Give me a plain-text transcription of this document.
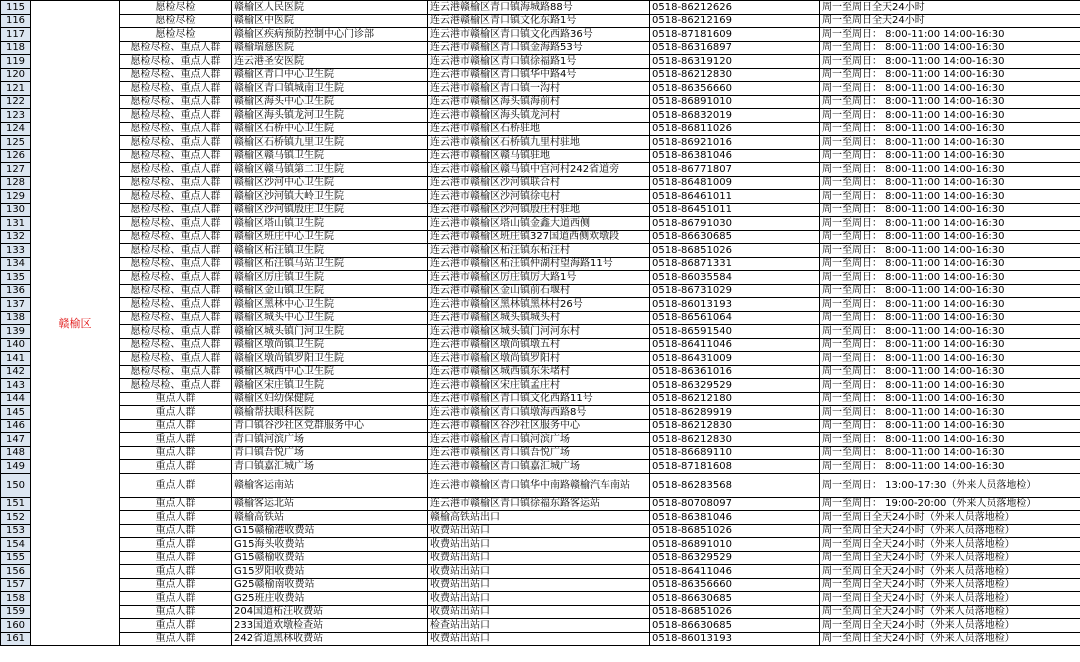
115	赣榆区	愿检尽检	赣榆区人民医院	连云港赣榆区青口镇海城路88号	0518-86212626	周一至周日全天24小时
116		愿检尽检	赣榆区中医院	连云港赣榆区青口镇文化东路1号	0518-86212169	周一至周日全天24小时
117		愿检尽检	赣榆区疾病预防控制中心门诊部	连云港市赣榆区青口镇文化西路36号	0518-87181609	周一至周日： 8:00-11:00 14:00-16:30
118		愿检尽检、重点人群	赣榆瑞慈医院	连云港市赣榆区青口镇金海路53号	0518-86316897	周一至周日： 8:00-11:00 14:00-16:30
119		愿检尽检、重点人群	连云港圣安医院	连云港市赣榆区青口镇徐福路1号	0518-86319120	周一至周日： 8:00-11:00 14:00-16:30
120		愿检尽检、重点人群	赣榆区青口中心卫生院	连云港市赣榆区青口镇华中路4号	0518-86212830	周一至周日： 8:00-11:00 14:00-16:30
121		愿检尽检、重点人群	赣榆区青口镇城南卫生院	连云港市赣榆区青口镇一沟村	0518-86356660	周一至周日： 8:00-11:00 14:00-16:30
122		愿检尽检、重点人群	赣榆区海头中心卫生院	连云港市赣榆区海头镇海前村	0518-86891010	周一至周日： 8:00-11:00 14:00-16:30
123		愿检尽检、重点人群	赣榆区海头镇龙河卫生院	连云港市赣榆区海头镇龙河村	0518-86832019	周一至周日： 8:00-11:00 14:00-16:30
124		愿检尽检、重点人群	赣榆区石桥中心卫生院	连云港市赣榆区石桥驻地	0518-86811026	周一至周日： 8:00-11:00 14:00-16:30
125		愿检尽检、重点人群	赣榆区石桥镇九里卫生院	连云港市赣榆区石桥镇九里村驻地	0518-86921016	周一至周日： 8:00-11:00 14:00-16:30
126		愿检尽检、重点人群	赣榆区赣马镇卫生院	连云港市赣榆区赣马镇驻地	0518-86381046	周一至周日： 8:00-11:00 14:00-16:30
127		愿检尽检、重点人群	赣榆区赣马镇第二卫生院	连云港市赣榆区赣马镇中宫河村242省道旁	0518-86771807	周一至周日： 8:00-11:00 14:00-16:30
128		愿检尽检、重点人群	赣榆区沙河中心卫生院	连云港市赣榆区沙河镇联合村	0518-86481009	周一至周日： 8:00-11:00 14:00-16:30
129		愿检尽检、重点人群	赣榆区沙河镇大岭卫生院	连云港市赣榆区沙河镇徐屯村	0518-86461011	周一至周日： 8:00-11:00 14:00-16:30
130		愿检尽检、重点人群	赣榆区沙河镇殷庄卫生院	连云港市赣榆区沙河镇殷庄村驻地	0518-86451011	周一至周日： 8:00-11:00 14:00-16:30
131		愿检尽检、重点人群	赣榆区塔山镇卫生院	连云港市赣榆区塔山镇金鑫大道西侧	0518-86791030	周一至周日： 8:00-11:00 14:00-16:30
132		愿检尽检、重点人群	赣榆区班庄中心卫生院	连云港市赣榆区班庄镇327国道西侧欢墩段	0518-86630685	周一至周日： 8:00-11:00 14:00-16:30
133		愿检尽检、重点人群	赣榆区柘汪镇卫生院	连云港市赣榆区柘汪镇东柘汪村	0518-86851026	周一至周日： 8:00-11:00 14:00-16:30
134		愿检尽检、重点人群	赣榆区柘汪镇马站卫生院	连云港市赣榆区柘汪镇仲湖村望海路11号	0518-86871331	周一至周日： 8:00-11:00 14:00-16:30
135		愿检尽检、重点人群	赣榆区厉庄镇卫生院	连云港市赣榆区厉庄镇厉大路1号	0518-86035584	周一至周日： 8:00-11:00 14:00-16:30
136		愿检尽检、重点人群	赣榆区金山镇卫生院	连云港市赣榆区金山镇前石堰村	0518-86731029	周一至周日： 8:00-11:00 14:00-16:30
137		愿检尽检、重点人群	赣榆区黑林中心卫生院	连云港市赣榆区黑林镇黑林村26号	0518-86013193	周一至周日： 8:00-11:00 14:00-16:30
138		愿检尽检、重点人群	赣榆区城头中心卫生院	连云港市赣榆区城头镇城头村	0518-86561064	周一至周日： 8:00-11:00 14:00-16:30
139		愿检尽检、重点人群	赣榆区城头镇门河卫生院	连云港市赣榆区城头镇门河河东村	0518-86591540	周一至周日： 8:00-11:00 14:00-16:30
140		愿检尽检、重点人群	赣榆区墩尚镇卫生院	连云港市赣榆区墩尚镇墩五村	0518-86411046	周一至周日： 8:00-11:00 14:00-16:30
141		愿检尽检、重点人群	赣榆区墩尚镇罗阳卫生院	连云港市赣榆区墩尚镇罗阳村	0518-86431009	周一至周日： 8:00-11:00 14:00-16:30
142		愿检尽检、重点人群	赣榆区城西中心卫生院	连云港市赣榆区城西镇东朱堵村	0518-86361016	周一至周日： 8:00-11:00 14:00-16:30
143		愿检尽检、重点人群	赣榆区宋庄镇卫生院	连云港市赣榆区宋庄镇孟庄村	0518-86329529	周一至周日： 8:00-11:00 14:00-16:30
144		重点人群	赣榆区妇幼保健院	连云港市赣榆区青口镇文化西路11号	0518-86212180	周一至周日： 8:00-11:00 14:00-16:30
145		重点人群	赣榆帮扶眼科医院	连云港市赣榆区青口镇墩海西路8号	0518-86289919	周一至周日： 8:00-11:00 14:00-16:30
146		重点人群	青口镇谷沙社区党群服务中心	连云港市赣榆区谷沙社区服务中心	0518-86212830	周一至周日： 8:00-11:00 14:00-16:30
147		重点人群	青口镇河滨广场	连云港市赣榆区青口镇河滨广场	0518-86212830	周一至周日： 8:00-11:00 14:00-16:30
148		重点人群	青口镇吾悦广场	连云港市赣榆区青口镇吾悦广场	0518-86689110	周一至周日： 8:00-11:00 14:00-16:30
149		重点人群	青口镇嘉汇城广场	连云港市赣榆区青口镇嘉汇城广场	0518-87181608	周一至周日： 8:00-11:00 14:00-16:30
150		重点人群	赣榆客运南站	连云港市赣榆区青口镇华中南路赣榆汽车南站	0518-86283568	周一至周日： 13:00-17:30（外来人员落地检）
151		重点人群	赣榆客运北站	连云港市赣榆区青口镇徐福东路客运站	0518-80708097	周一至周日： 19:00-20:00（外来人员落地检）
152		重点人群	赣榆高铁站	赣榆高铁站出口	0518-86381046	周一至周日全天24小时（外来人员落地检）
153		重点人群	G15赣榆港收费站	收费站出站口	0518-86851026	周一至周日全天24小时（外来人员落地检）
154		重点人群	G15海头收费站	收费站出站口	0518-86891010	周一至周日全天24小时（外来人员落地检）
155		重点人群	G15赣榆收费站	收费站出站口	0518-86329529	周一至周日全天24小时（外来人员落地检）
156		重点人群	G15罗阳收费站	收费站出站口	0518-86411046	周一至周日全天24小时（外来人员落地检）
157		重点人群	G25赣榆南收费站	收费站出站口	0518-86356660	周一至周日全天24小时（外来人员落地检）
158		重点人群	G25班庄收费站	收费站出站口	0518-86630685	周一至周日全天24小时（外来人员落地检）
159		重点人群	204国道柘汪收费站	收费站出站口	0518-86851026	周一至周日全天24小时（外来人员落地检）
160		重点人群	233国道欢墩检查站	检查站出站口	0518-86630685	周一至周日全天24小时（外来人员落地检）
161		重点人群	242省道黑林收费站	收费站出站口	0518-86013193	周一至周日全天24小时（外来人员落地检）
